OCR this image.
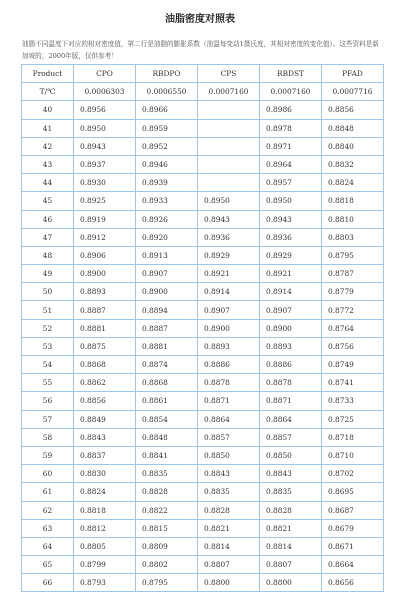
油脂密度对照表
油脂不同温度下对应的相对密度值，第二行是油脂的膨胀系数（油温每变动1摄氏度，其相对密度的变化值）。这些资料是新加坡的，2000年版，仅供参考！
Product	CPO	RBDPO	CPS	RBDST	PFAD
T/℃	0.0006303	0.0006550	0.0007160	0.0007160	0.0007716
40	0.8956	0.8966		0.8986	0.8856
41	0.8950	0.8959		0.8978	0.8848
42	0.8943	0.8952		0.8971	0.8840
43	0.8937	0.8946		0.8964	0.8832
44	0.8930	0.8939		0.8957	0.8824
45	0.8925	0.8933	0.8950	0.8950	0.8818
46	0.8919	0.8926	0.8943	0.8943	0.8810
47	0.8912	0.8920	0.8936	0.8936	0.8803
48	0.8906	0.8913	0.8929	0.8929	0.8795
49	0.8900	0.8907	0.8921	0.8921	0.8787
50	0.8893	0.8900	0.8914	0.8914	0.8779
51	0.8887	0.8894	0.8907	0.8907	0.8772
52	0.8881	0.8887	0.8900	0.8900	0.8764
53	0.8875	0.8881	0.8893	0.8893	0.8756
54	0.8868	0.8874	0.8886	0.8886	0.8749
55	0.8862	0.8868	0.8878	0.8878	0.8741
56	0.8856	0.8861	0.8871	0.8871	0.8733
57	0.8849	0.8854	0.8864	0.8864	0.8725
58	0.8843	0.8848	0.8857	0.8857	0.8718
59	0.8837	0.8841	0.8850	0.8850	0.8710
60	0.8830	0.8835	0.8843	0.8843	0.8702
61	0.8824	0.8828	0.8835	0.8835	0.8695
62	0.8818	0.8822	0.8828	0.8828	0.8687
63	0.8812	0.8815	0.8821	0.8821	0.8679
64	0.8805	0.8809	0.8814	0.8814	0.8671
65	0.8799	0.8802	0.8807	0.8807	0.8664
66	0.8793	0.8795	0.8800	0.8800	0.8656
